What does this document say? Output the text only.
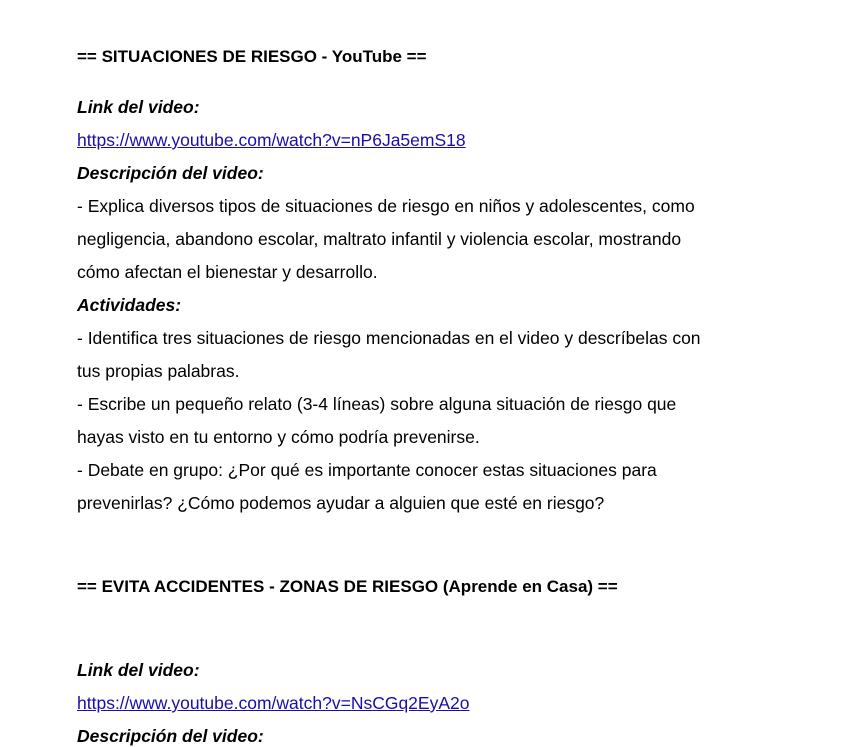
== SITUACIONES DE RIESGO - YouTube ==
Link del video:
https://www.youtube.com/watch?v=nP6Ja5emS18
Descripción del video:
- Explica diversos tipos de situaciones de riesgo en niños y adolescentes, como
negligencia, abandono escolar, maltrato infantil y violencia escolar, mostrando
cómo afectan el bienestar y desarrollo.
Actividades:
- Identifica tres situaciones de riesgo mencionadas en el video y descríbelas con
tus propias palabras.
- Escribe un pequeño relato (3-4 líneas) sobre alguna situación de riesgo que
hayas visto en tu entorno y cómo podría prevenirse.
- Debate en grupo: ¿Por qué es importante conocer estas situaciones para
prevenirlas? ¿Cómo podemos ayudar a alguien que esté en riesgo?
== EVITA ACCIDENTES - ZONAS DE RIESGO (Aprende en Casa) ==
Link del video:
https://www.youtube.com/watch?v=NsCGq2EyA2o
Descripción del video:
